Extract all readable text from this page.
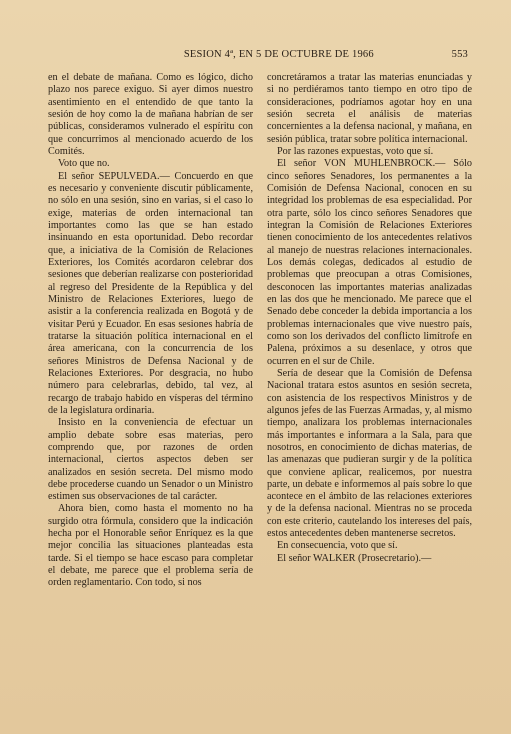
SESION 4ª, EN 5 DE OCTUBRE DE 1966	553

en el debate de mañana. Como es lógico, dicho plazo nos parece exiguo. Si ayer dimos nuestro asentimiento en el entendido de que tanto la sesión de hoy como la de mañana habrían de ser públicas, consideramos vulnerado el espíritu con que concurrimos al mencionado acuerdo de los Comités.

Voto que no.

El señor SEPULVEDA.— Concuerdo en que es necesario y conveniente discutir públicamente, no sólo en una sesión, sino en varias, si el caso lo exige, materias de orden internacional tan importantes como las que se han estado insinuando en esta oportunidad. Debo recordar que, a iniciativa de la Comisión de Relaciones Exteriores, los Comités acordaron celebrar dos sesiones que deberían realizarse con posterioridad al regreso del Presidente de la República y del Ministro de Relaciones Exteriores, luego de asistir a la conferencia realizada en Bogotá y de visitar Perú y Ecuador. En esas sesiones habría de tratarse la situación política internacional en el área americana, con la concurrencia de los señores Ministros de Defensa Nacional y de Relaciones Exteriores. Por desgracia, no hubo número para celebrarlas, debido, tal vez, al recargo de trabajo habido en vísperas del término de la legislatura ordinaria.

Insisto en la conveniencia de efectuar un amplio debate sobre esas materias, pero comprendo que, por razones de orden internacional, ciertos aspectos deben ser analizados en sesión secreta. Del mismo modo debe procederse cuando un Senador o un Ministro estimen sus observaciones de tal carácter.

Ahora bien, como hasta el momento no ha surgido otra fórmula, considero que la indicación hecha por el Honorable señor Enríquez es la que mejor concilia las situaciones planteadas esta tarde. Si el tiempo se hace escaso para completar el debate, me parece que el problema sería de orden reglamentario. Con todo, si nos

concretáramos a tratar las materias enunciadas y si no perdiéramos tanto tiempo en otro tipo de consideraciones, podríamos agotar hoy en una sesión secreta el análisis de materias concernientes a la defensa nacional, y mañana, en sesión pública, tratar sobre política internacional.

Por las razones expuestas, voto que sí.

El señor VON MUHLENBROCK.— Sólo cinco señores Senadores, los permanentes a la Comisión de Defensa Nacional, conocen en su integridad los problemas de esa especialidad. Por otra parte, sólo los cinco señores Senadores que integran la Comisión de Relaciones Exteriores tienen conocimiento de los antecedentes relativos al manejo de nuestras relaciones internacionales. Los demás colegas, dedicados al estudio de problemas que preocupan a otras Comisiones, desconocen las importantes materias analizadas en las dos que he mencionado. Me parece que el Senado debe conceder la debida importancia a los problemas internacionales que vive nuestro país, como son los derivados del conflicto limítrofe en Palena, próximos a su desenlace, y otros que ocurren en el sur de Chile.

Sería de desear que la Comisión de Defensa Nacional tratara estos asuntos en sesión secreta, con asistencia de los respectivos Ministros y de algunos jefes de las Fuerzas Armadas, y, al mismo tiempo, analizara los problemas internacionales más importantes e informara a la Sala, para que nosotros, en conocimiento de dichas materias, de las amenazas que pudieran surgir y de la política que conviene aplicar, realicemos, por nuestra parte, un debate e informemos al país sobre lo que acontece en el ámbito de las relaciones exteriores y de la defensa nacional. Mientras no se proceda con este criterio, cautelando los intereses del país, estos antecedentes deben mantenerse secretos.

En consecuencia, voto que sí.

El señor WALKER (Prosecretario).—
